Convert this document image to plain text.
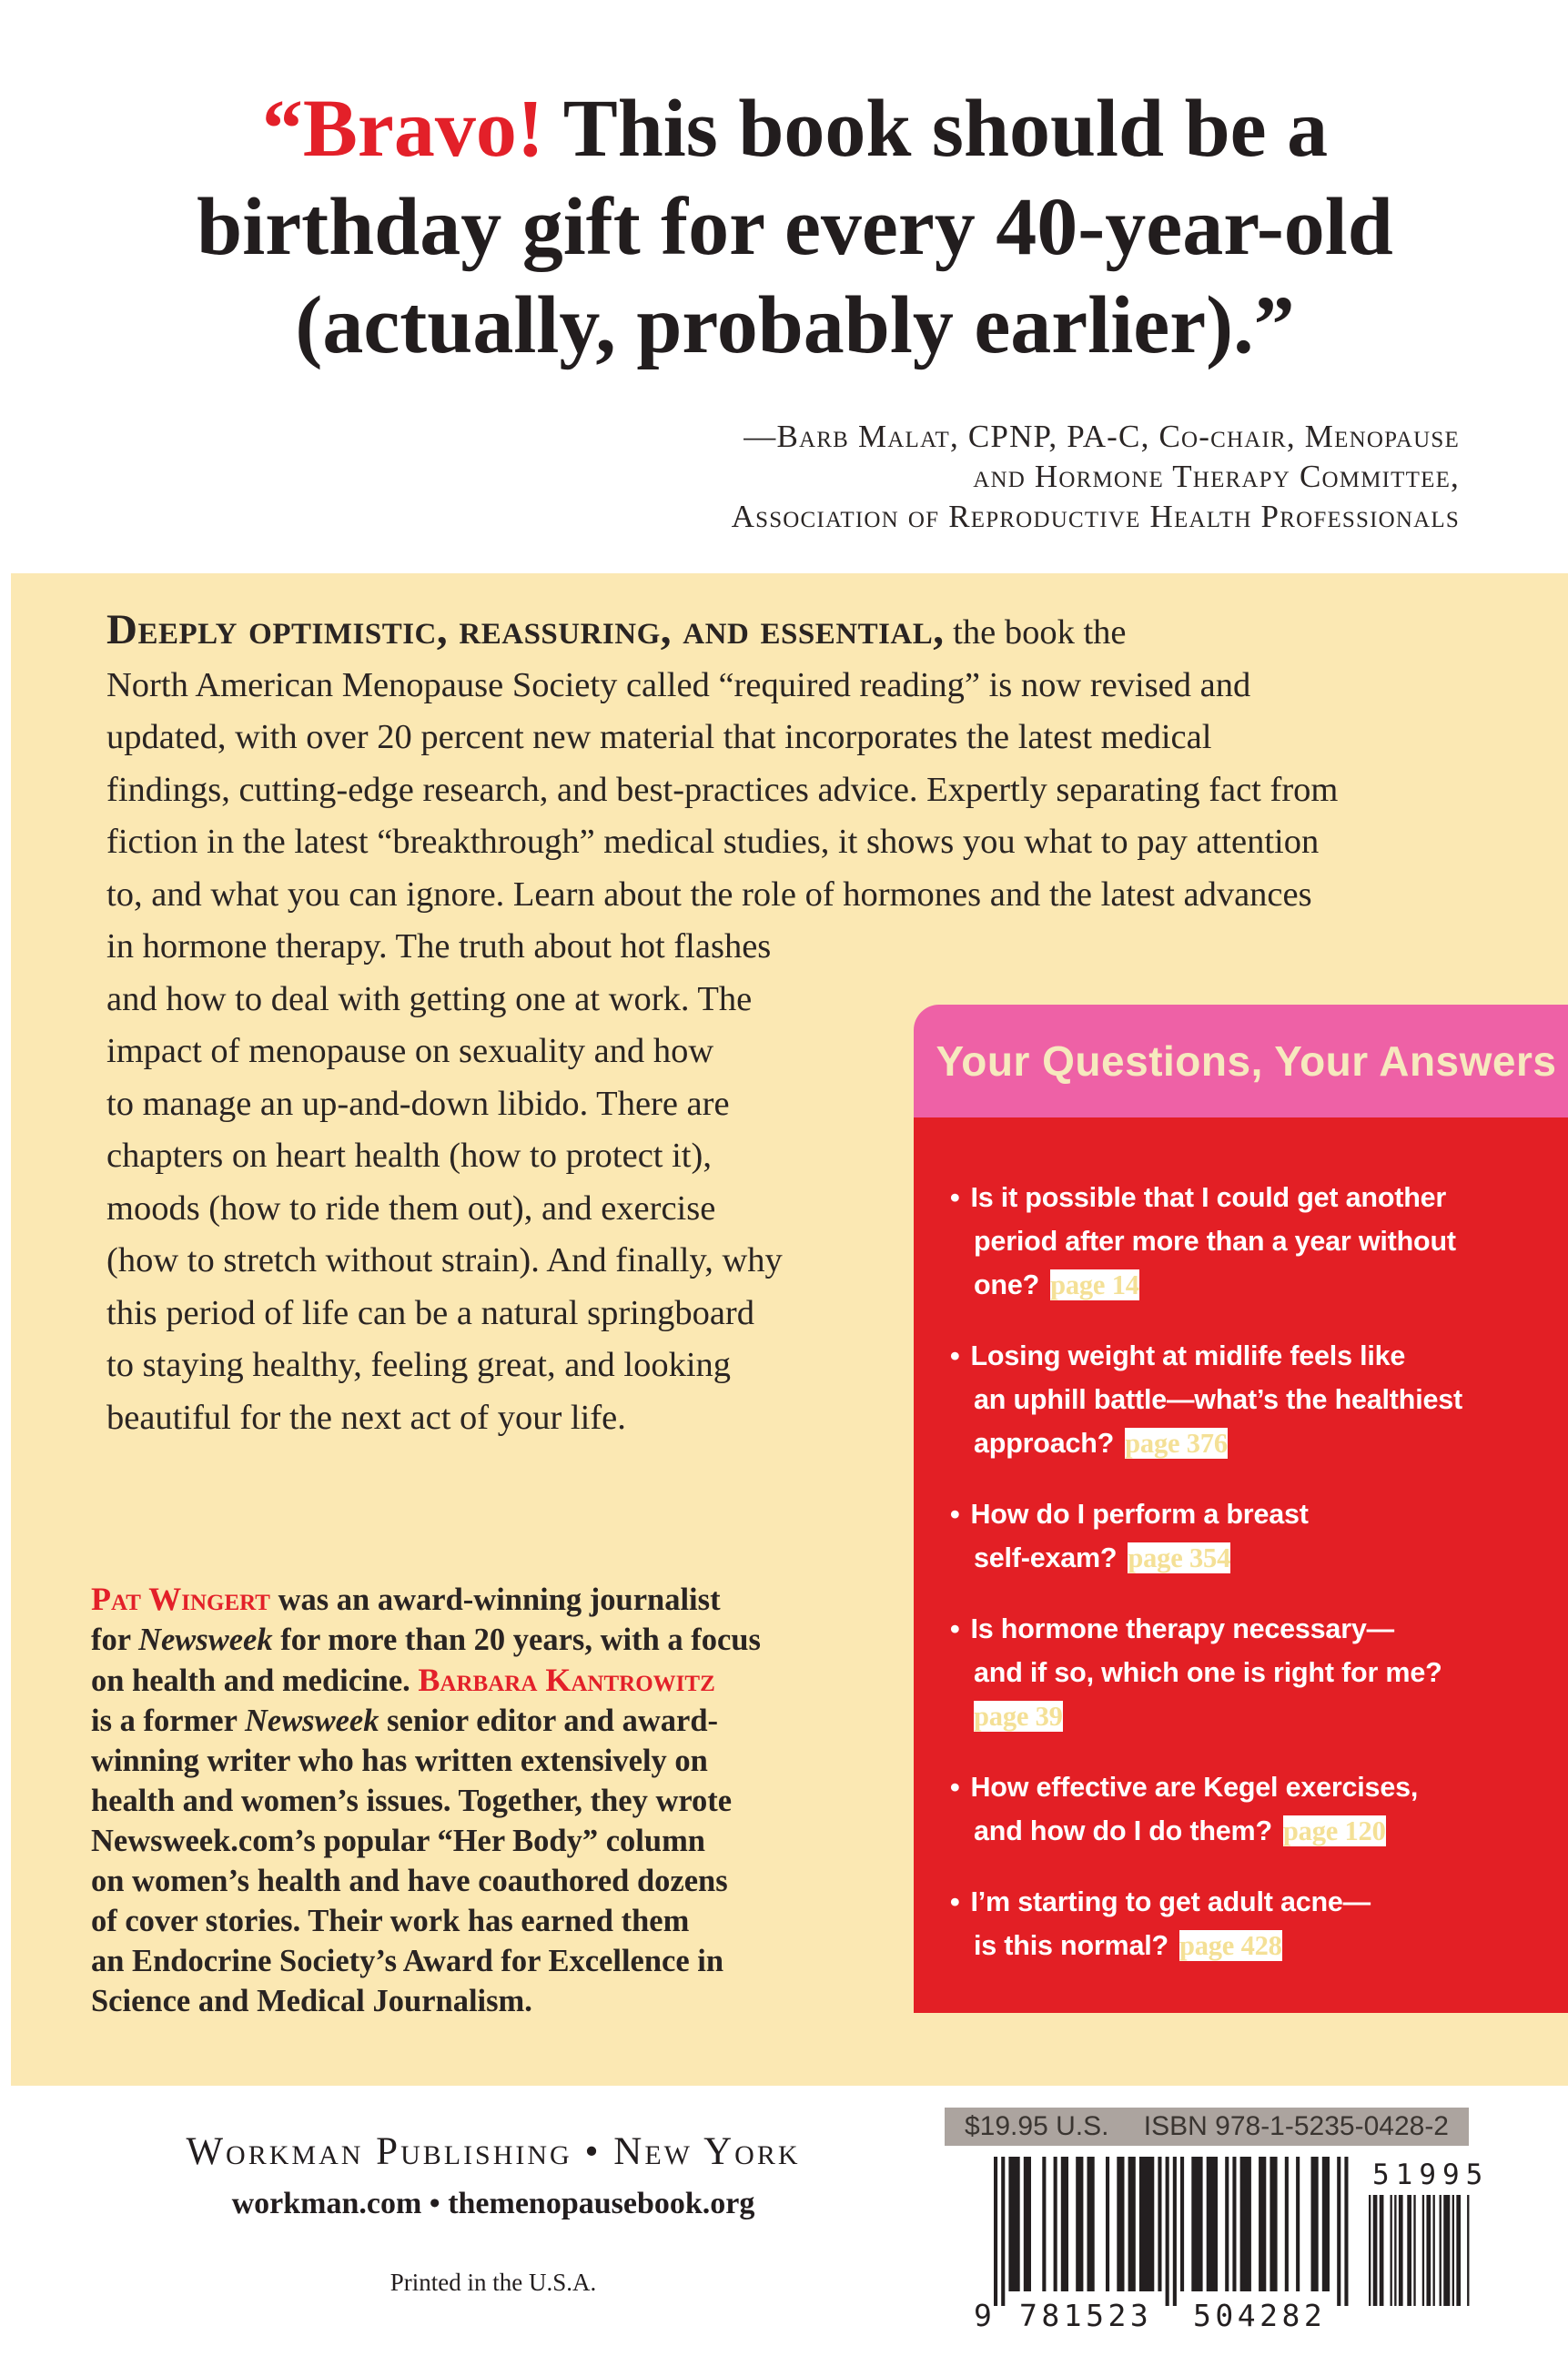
“Bravo! This book should be a
birthday gift for every 40-year-old
(actually, probably earlier).”
—Barb Malat, CPNP, PA-C, Co-chair, Menopause
and Hormone Therapy Committee,
Association of Reproductive Health Professionals
Deeply optimistic, reassuring, and essential, the book the
North American Menopause Society called “required reading” is now revised and
updated, with over 20 percent new material that incorporates the latest medical
findings, cutting-edge research, and best-practices advice. Expertly separating fact from
fiction in the latest “breakthrough” medical studies, it shows you what to pay attention
to, and what you can ignore. Learn about the role of hormones and the latest advances
in hormone therapy. The truth about hot flashes
and how to deal with getting one at work. The
impact of menopause on sexuality and how
to manage an up-and-down libido. There are
chapters on heart health (how to protect it),
moods (how to ride them out), and exercise
(how to stretch without strain). And finally, why
this period of life can be a natural springboard
to staying healthy, feeling great, and looking
beautiful for the next act of your life.
Your Questions, Your Answers
• Is it possible that I could get another
period after more than a year without
one? page 14
• Losing weight at midlife feels like
an uphill battle—what’s the healthiest
approach? page 376
• How do I perform a breast
self-exam? page 354
• Is hormone therapy necessary—
and if so, which one is right for me?
page 39
• How effective are Kegel exercises,
and how do I do them? page 120
• I’m starting to get adult acne—
is this normal? page 428
Pat Wingert was an award-winning journalist
for Newsweek for more than 20 years, with a focus
on health and medicine. Barbara Kantrowitz
is a former Newsweek senior editor and award-
winning writer who has written extensively on
health and women’s issues. Together, they wrote
Newsweek.com’s popular “Her Body” column
on women’s health and have coauthored dozens
of cover stories. Their work has earned them
an Endocrine Society’s Award for Excellence in
Science and Medical Journalism.
Workman Publishing • New York
workman.com • themenopausebook.org
Printed in the U.S.A.
$19.95 U.S. ISBN 978-1-5235-0428-2
9 781523 504282
51995
